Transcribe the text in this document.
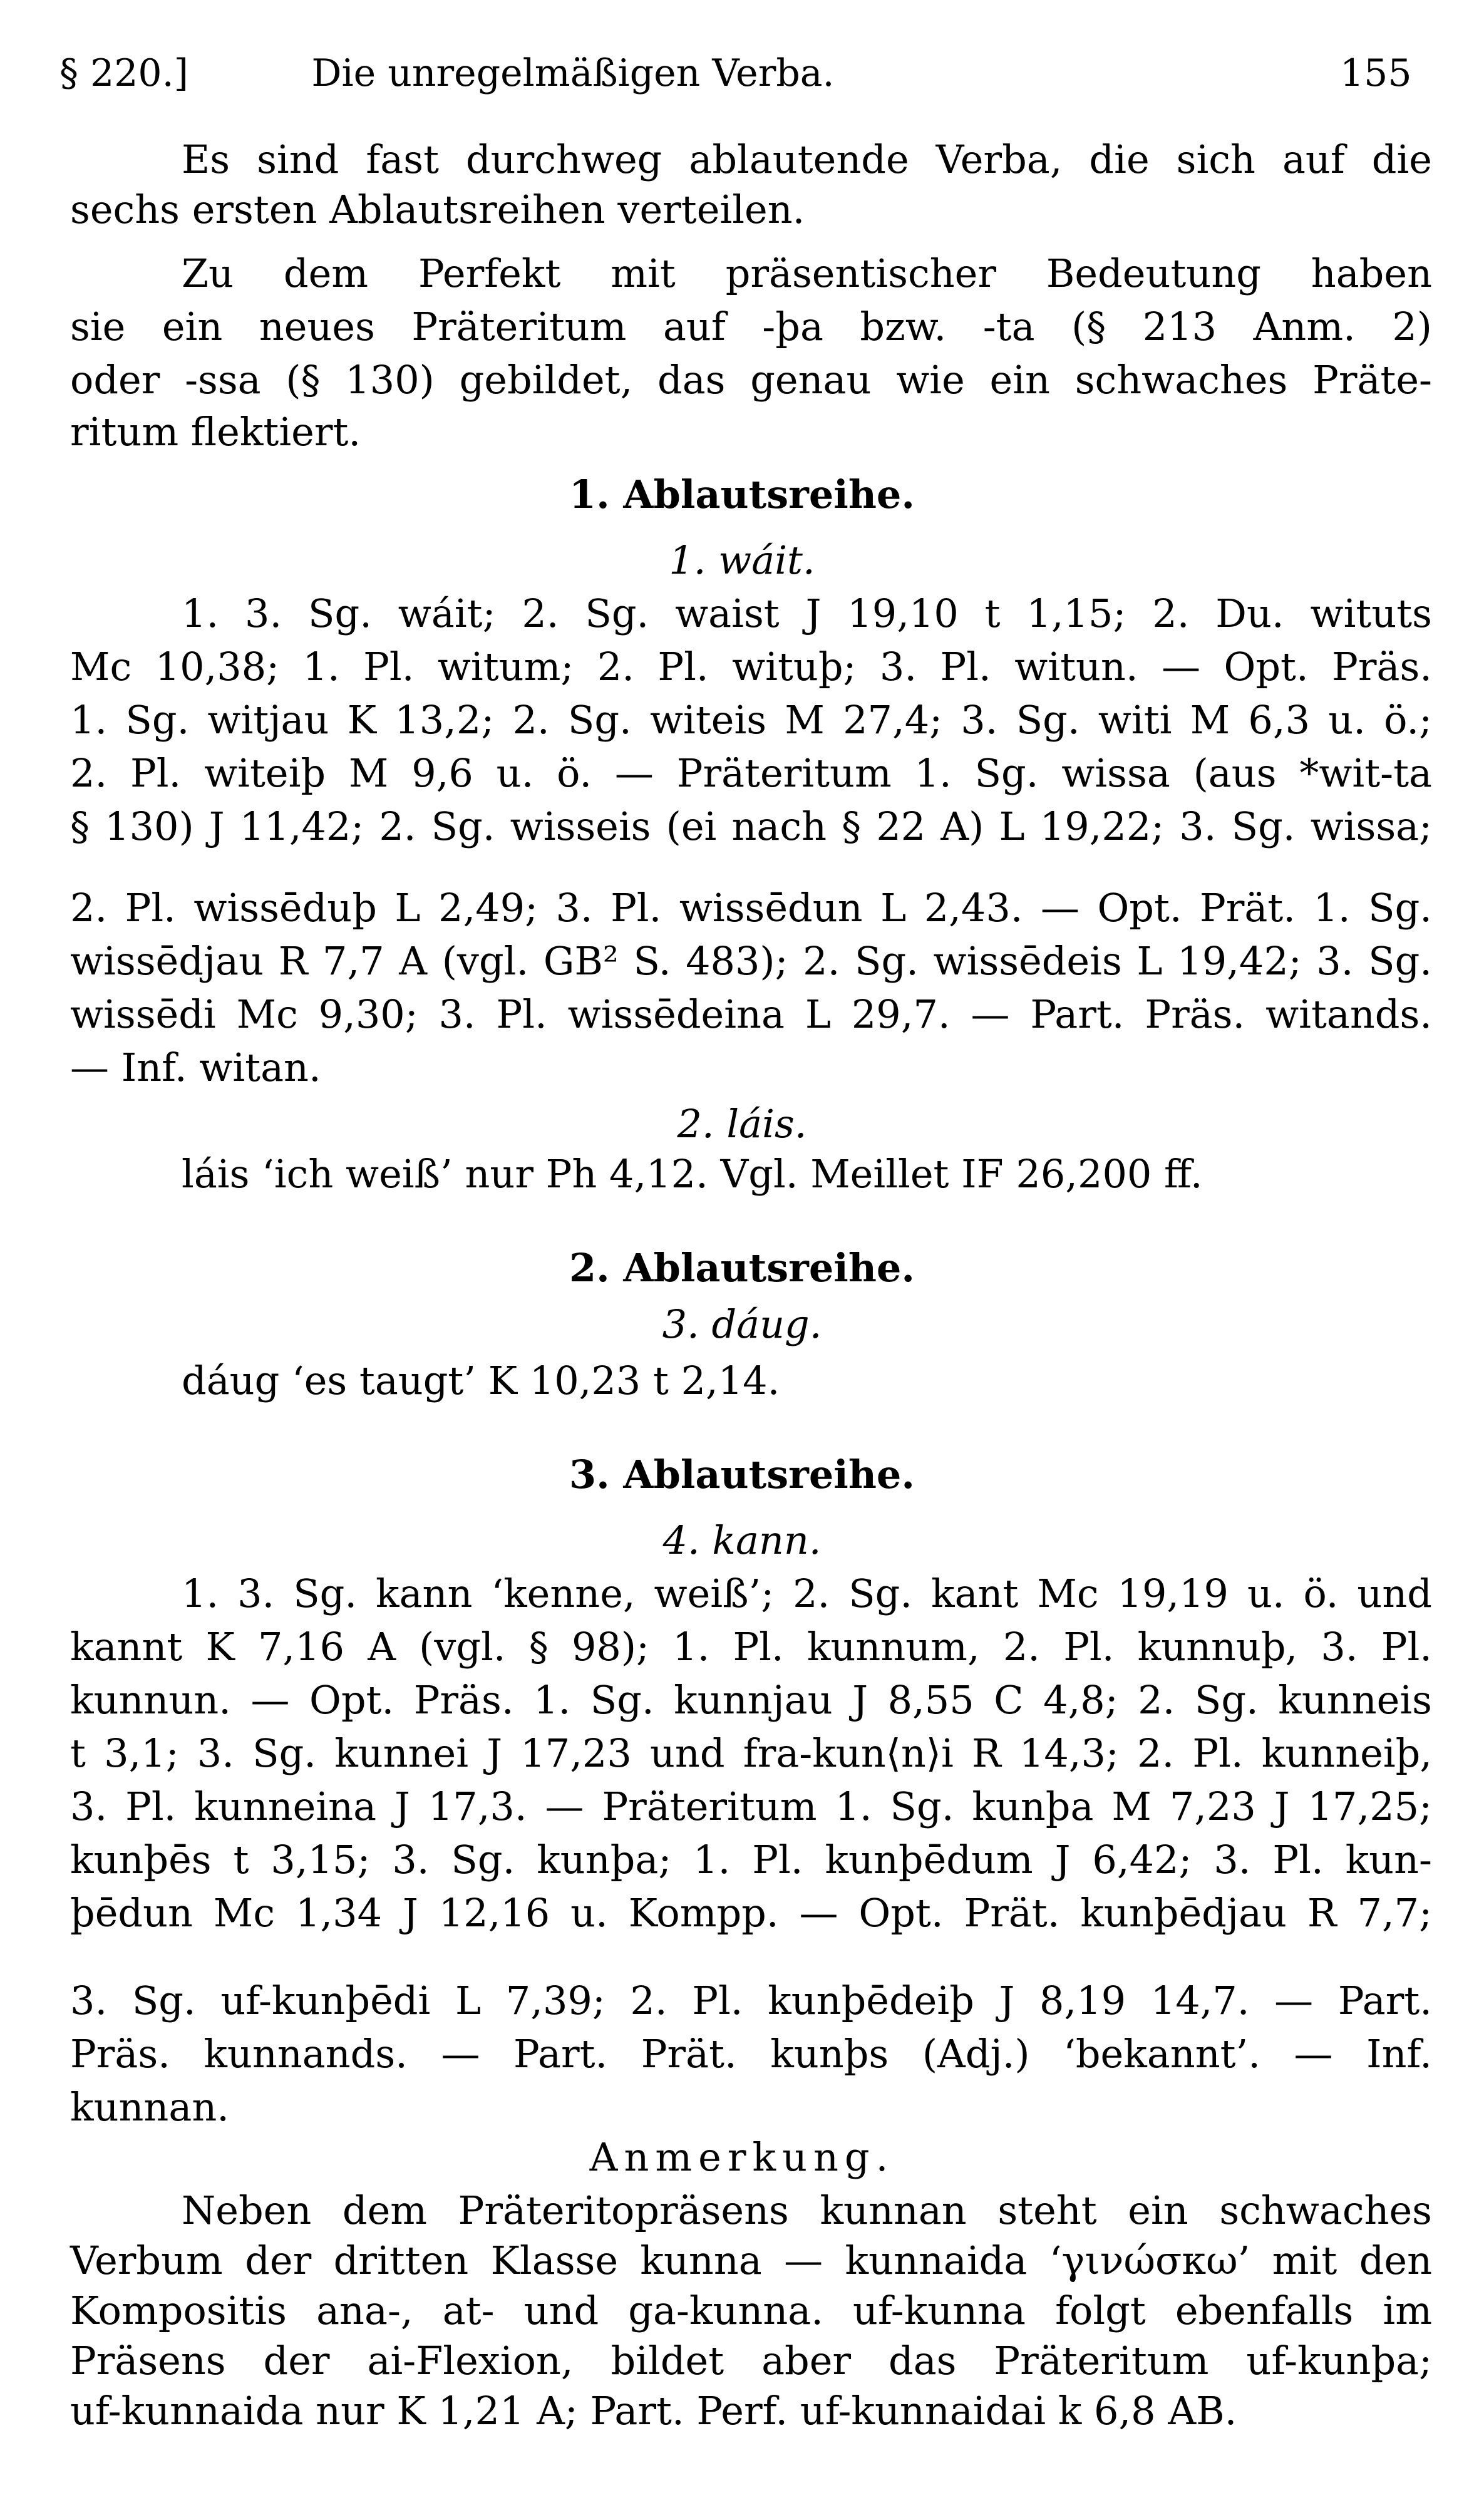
§ 220.]	Die unregelmäßigen Verba.	155
Es sind fast durchweg ablautende Verba, die sich auf die
sechs ersten Ablautsreihen verteilen.
Zu dem Perfekt mit präsentischer Bedeutung haben
sie ein neues Präteritum auf -þa bzw. -ta (§ 213 Anm. 2)
oder -ssa (§ 130) gebildet, das genau wie ein schwaches Präte-
ritum flektiert.
1. Ablautsreihe.
1. wáit.
1. 3. Sg. wáit; 2. Sg. waist J 19,10 t 1,15; 2. Du. wituts
Mc 10,38; 1. Pl. witum; 2. Pl. wituþ; 3. Pl. witun. — Opt. Präs.
1. Sg. witjau K 13,2; 2. Sg. witeis M 27,4; 3. Sg. witi M 6,3 u. ö.;
2. Pl. witeiþ M 9,6 u. ö. — Präteritum 1. Sg. wissa (aus *wit-ta
§ 130) J 11,42; 2. Sg. wisseis (ei nach § 22 A) L 19,22; 3. Sg. wissa;
2. Pl. wissēduþ L 2,49; 3. Pl. wissēdun L 2,43. — Opt. Prät. 1. Sg.
wissēdjau R 7,7 A (vgl. GB² S. 483); 2. Sg. wissēdeis L 19,42; 3. Sg.
wissēdi Mc 9,30; 3. Pl. wissēdeina L 29,7. — Part. Präs. witands.
— Inf. witan.
2. láis.
láis ‘ich weiß’ nur Ph 4,12. Vgl. Meillet IF 26,200 ff.
2. Ablautsreihe.
3. dáug.
dáug ‘es taugt’ K 10,23 t 2,14.
3. Ablautsreihe.
4. kann.
1. 3. Sg. kann ‘kenne, weiß’; 2. Sg. kant Mc 19,19 u. ö. und
kannt K 7,16 A (vgl. § 98); 1. Pl. kunnum, 2. Pl. kunnuþ, 3. Pl.
kunnun. — Opt. Präs. 1. Sg. kunnjau J 8,55 C 4,8; 2. Sg. kunneis
t 3,1; 3. Sg. kunnei J 17,23 und fra-kun⟨n⟩i R 14,3; 2. Pl. kunneiþ,
3. Pl. kunneina J 17,3. — Präteritum 1. Sg. kunþa M 7,23 J 17,25;
kunþēs t 3,15; 3. Sg. kunþa; 1. Pl. kunþēdum J 6,42; 3. Pl. kun-
þēdun Mc 1,34 J 12,16 u. Kompp. — Opt. Prät. kunþēdjau R 7,7;
3. Sg. uf-kunþēdi L 7,39; 2. Pl. kunþēdeiþ J 8,19 14,7. — Part.
Präs. kunnands. — Part. Prät. kunþs (Adj.) ‘bekannt’. — Inf.
kunnan.
Anmerkung.
Neben dem Präteritopräsens kunnan steht ein schwaches
Verbum der dritten Klasse kunna — kunnaida ‘γινώσκω’ mit den
Kompositis ana-, at- und ga-kunna. uf-kunna folgt ebenfalls im
Präsens der ai-Flexion, bildet aber das Präteritum uf-kunþa;
uf-kunnaida nur K 1,21 A; Part. Perf. uf-kunnaidai k 6,8 AB.
